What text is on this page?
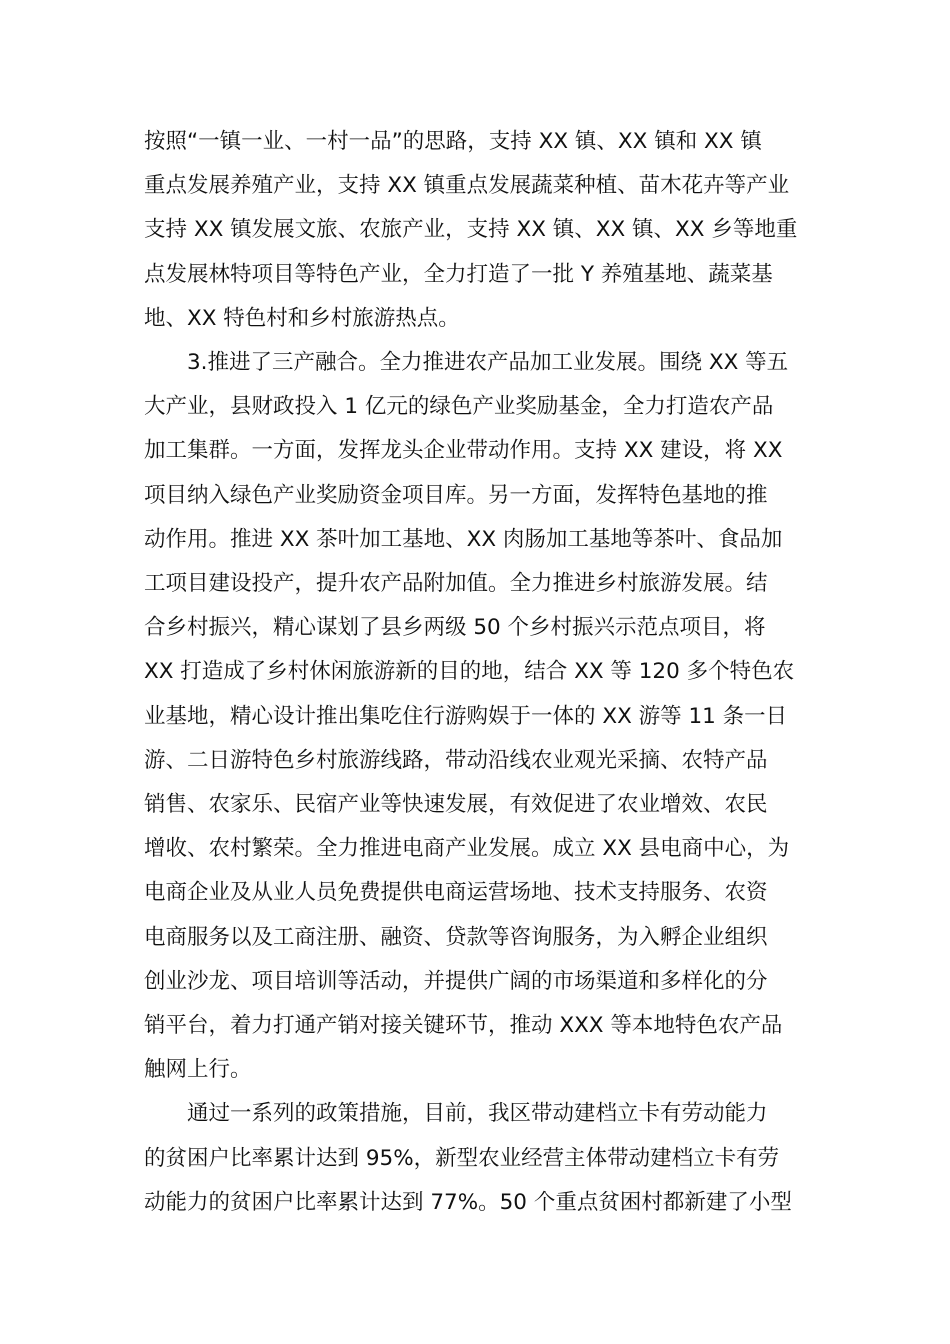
按照“一镇一业、一村一品”的思路，支持 XX 镇、XX 镇和 XX 镇
重点发展养殖产业，支持 XX 镇重点发展蔬菜种植、苗木花卉等产业
支持 XX 镇发展文旅、农旅产业，支持 XX 镇、XX 镇、XX 乡等地重
点发展林特项目等特色产业，全力打造了一批 Y 养殖基地、蔬菜基
地、XX 特色村和乡村旅游热点。
3.推进了三产融合。全力推进农产品加工业发展。围绕 XX 等五
大产业，县财政投入 1 亿元的绿色产业奖励基金，全力打造农产品
加工集群。一方面，发挥龙头企业带动作用。支持 XX 建设，将 XX
项目纳入绿色产业奖励资金项目库。另一方面，发挥特色基地的推
动作用。推进 XX 茶叶加工基地、XX 肉肠加工基地等茶叶、食品加
工项目建设投产，提升农产品附加值。全力推进乡村旅游发展。结
合乡村振兴，精心谋划了县乡两级 50 个乡村振兴示范点项目，将
XX 打造成了乡村休闲旅游新的目的地，结合 XX 等 120 多个特色农
业基地，精心设计推出集吃住行游购娱于一体的 XX 游等 11 条一日
游、二日游特色乡村旅游线路，带动沿线农业观光采摘、农特产品
销售、农家乐、民宿产业等快速发展，有效促进了农业增效、农民
增收、农村繁荣。全力推进电商产业发展。成立 XX 县电商中心，为
电商企业及从业人员免费提供电商运营场地、技术支持服务、农资
电商服务以及工商注册、融资、贷款等咨询服务，为入孵企业组织
创业沙龙、项目培训等活动，并提供广阔的市场渠道和多样化的分
销平台，着力打通产销对接关键环节，推动 XXX 等本地特色农产品
触网上行。
通过一系列的政策措施，目前，我区带动建档立卡有劳动能力
的贫困户比率累计达到 95%，新型农业经营主体带动建档立卡有劳
动能力的贫困户比率累计达到 77%。50 个重点贫困村都新建了小型
